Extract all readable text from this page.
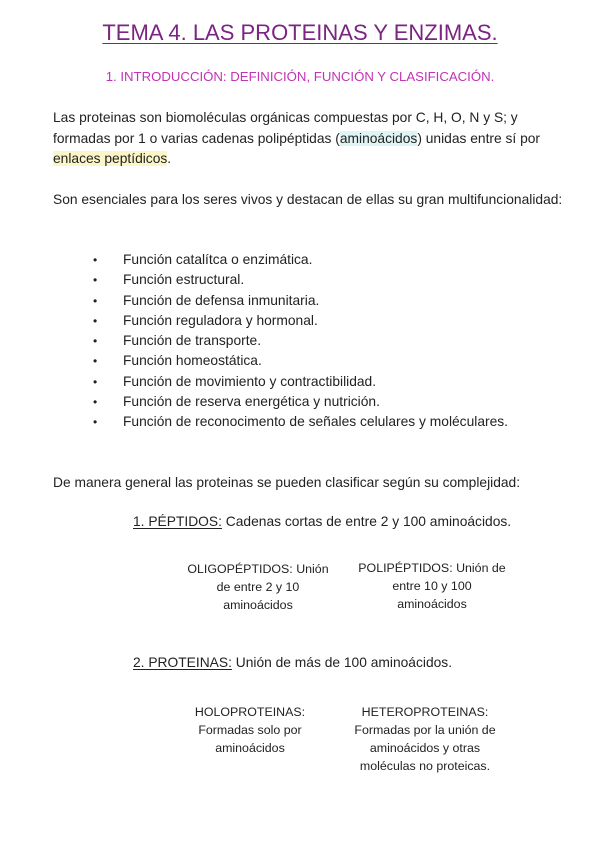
TEMA 4. LAS PROTEINAS Y ENZIMAS.
1. INTRODUCCIÓN: DEFINICIÓN, FUNCIÓN Y CLASIFICACIÓN.

Las proteinas son biomoléculas orgánicas compuestas por C, H, O, N y S; y formadas por 1 o varias cadenas polipéptidas (aminoácidos) unidas entre sí por enlaces peptídicos.

Son esenciales para los seres vivos y destacan de ellas su gran multifuncionalidad:

• Función catalítca o enzimática.
• Función estructural.
• Función de defensa inmunitaria.
• Función reguladora y hormonal.
• Función de transporte.
• Función homeostática.
• Función de movimiento y contractibilidad.
• Función de reserva energética y nutrición.
• Función de reconocimento de señales celulares y moléculares.

De manera general las proteinas se pueden clasificar según su complejidad:

1. PÉPTIDOS: Cadenas cortas de entre 2 y 100 aminoácidos.
OLIGOPÉPTIDOS: Unión
de entre 2 y 10
aminoácidos
POLIPÉPTIDOS: Unión de
entre 10 y 100
aminoácidos
2. PROTEINAS: Unión de más de 100 aminoácidos.
HOLOPROTEINAS:
Formadas solo por
aminoácidos
HETEROPROTEINAS:
Formadas por la unión de
aminoácidos y otras
moléculas no proteicas.
